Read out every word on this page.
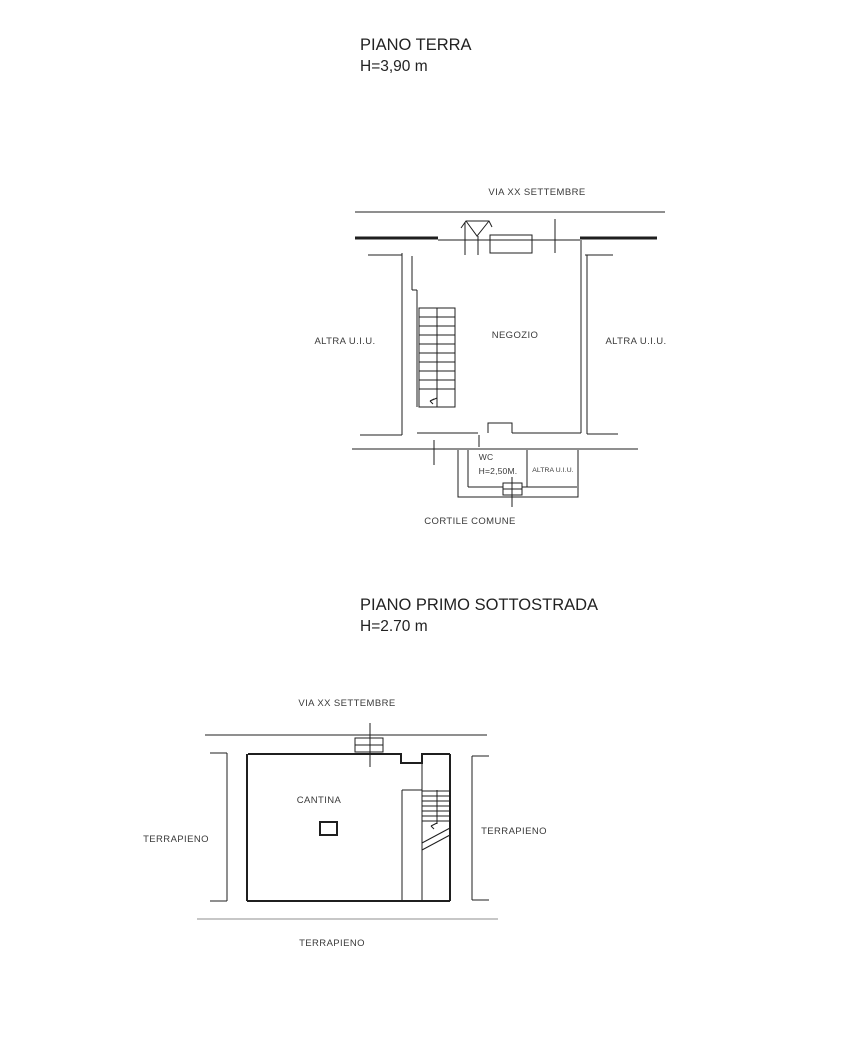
PIANO TERRA
H=3,90 m
VIA XX SETTEMBRE
NEGOZIO
ALTRA U.I.U.	ALTRA U.I.U.
WC
H=2,50M. ALTRA U.I.U.
CORTILE COMUNE
PIANO PRIMO SOTTOSTRADA
H=2.70 m
VIA XX SETTEMBRE
CANTINA
TERRAPIENO
TERRAPIENO
TERRAPIENO
